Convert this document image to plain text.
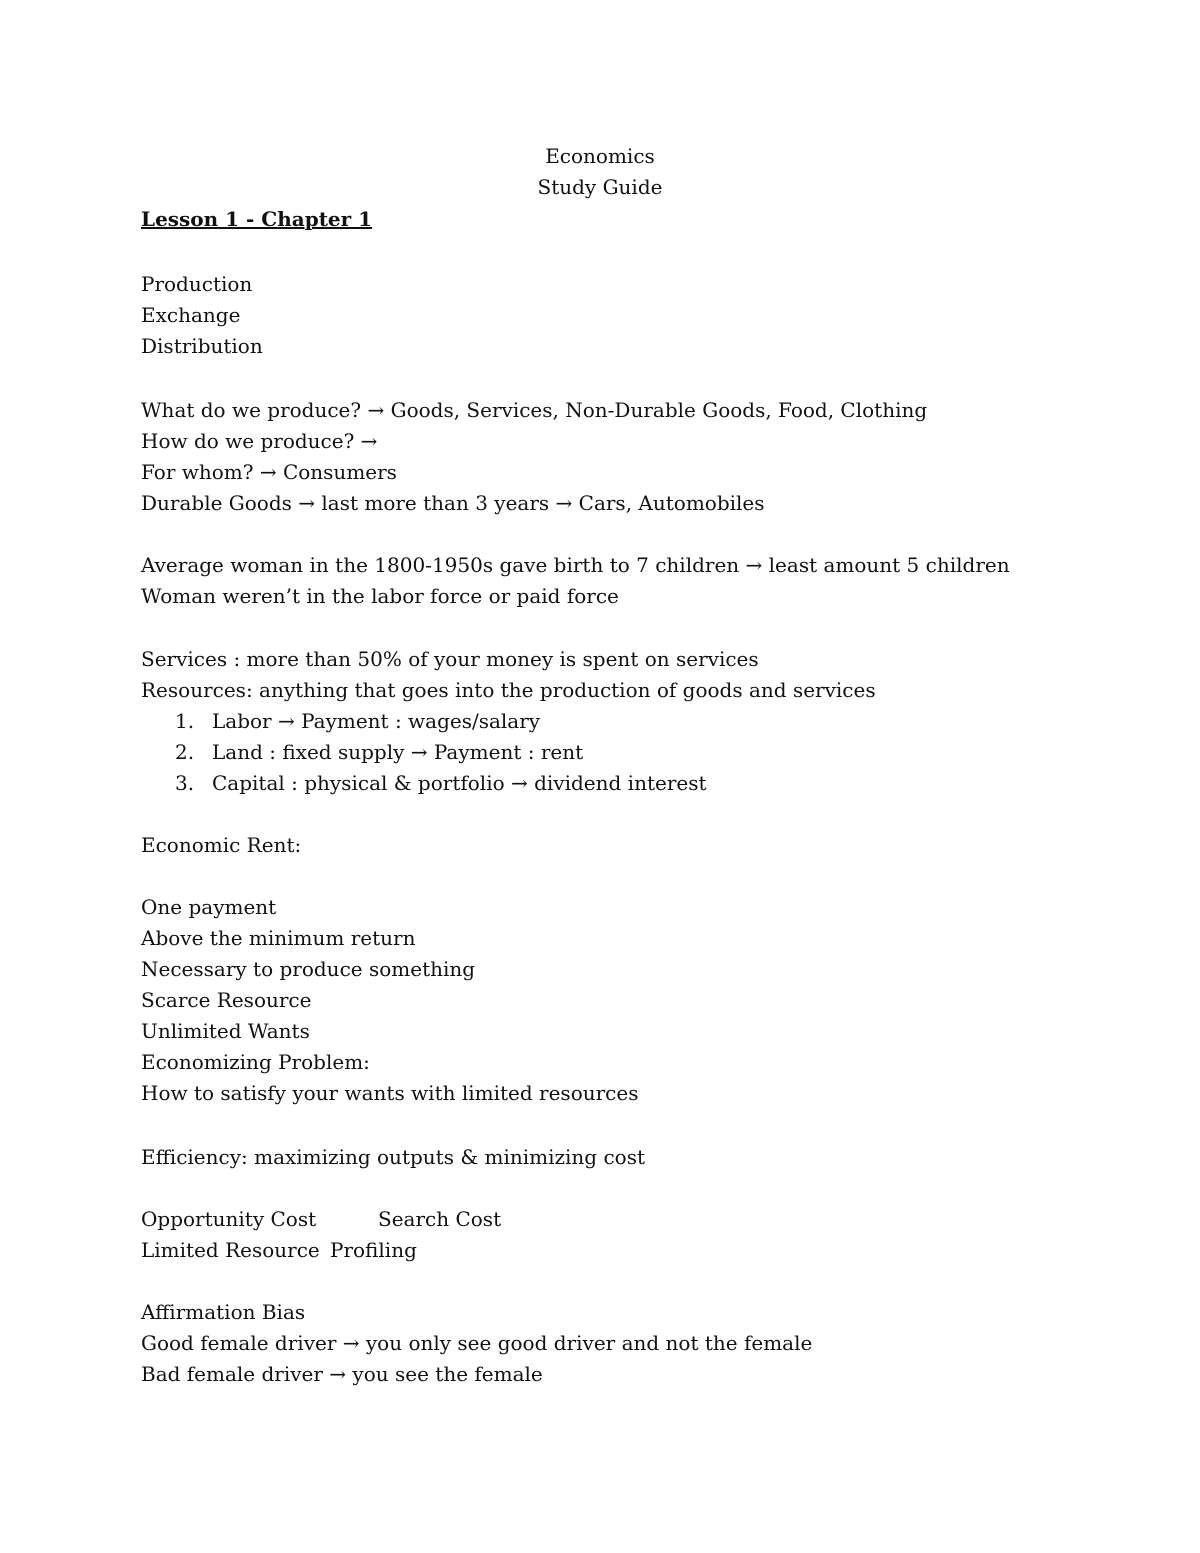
Economics
Study Guide
Lesson 1 - Chapter 1
Production
Exchange
Distribution
What do we produce? → Goods, Services, Non-Durable Goods, Food, Clothing
How do we produce? →
For whom? → Consumers
Durable Goods → last more than 3 years → Cars, Automobiles
Average woman in the 1800-1950s gave birth to 7 children → least amount 5 children
Woman weren’t in the labor force or paid force
Services : more than 50% of your money is spent on services
Resources: anything that goes into the production of goods and services
1. Labor → Payment : wages/salary
2. Land : fixed supply → Payment : rent
3. Capital : physical & portfolio → dividend interest
Economic Rent:
One payment
Above the minimum return
Necessary to produce something
Scarce Resource
Unlimited Wants
Economizing Problem:
How to satisfy your wants with limited resources
Efficiency: maximizing outputs & minimizing cost
Opportunity Cost	Search Cost
Limited Resource Profiling
Affirmation Bias
Good female driver → you only see good driver and not the female
Bad female driver → you see the female
